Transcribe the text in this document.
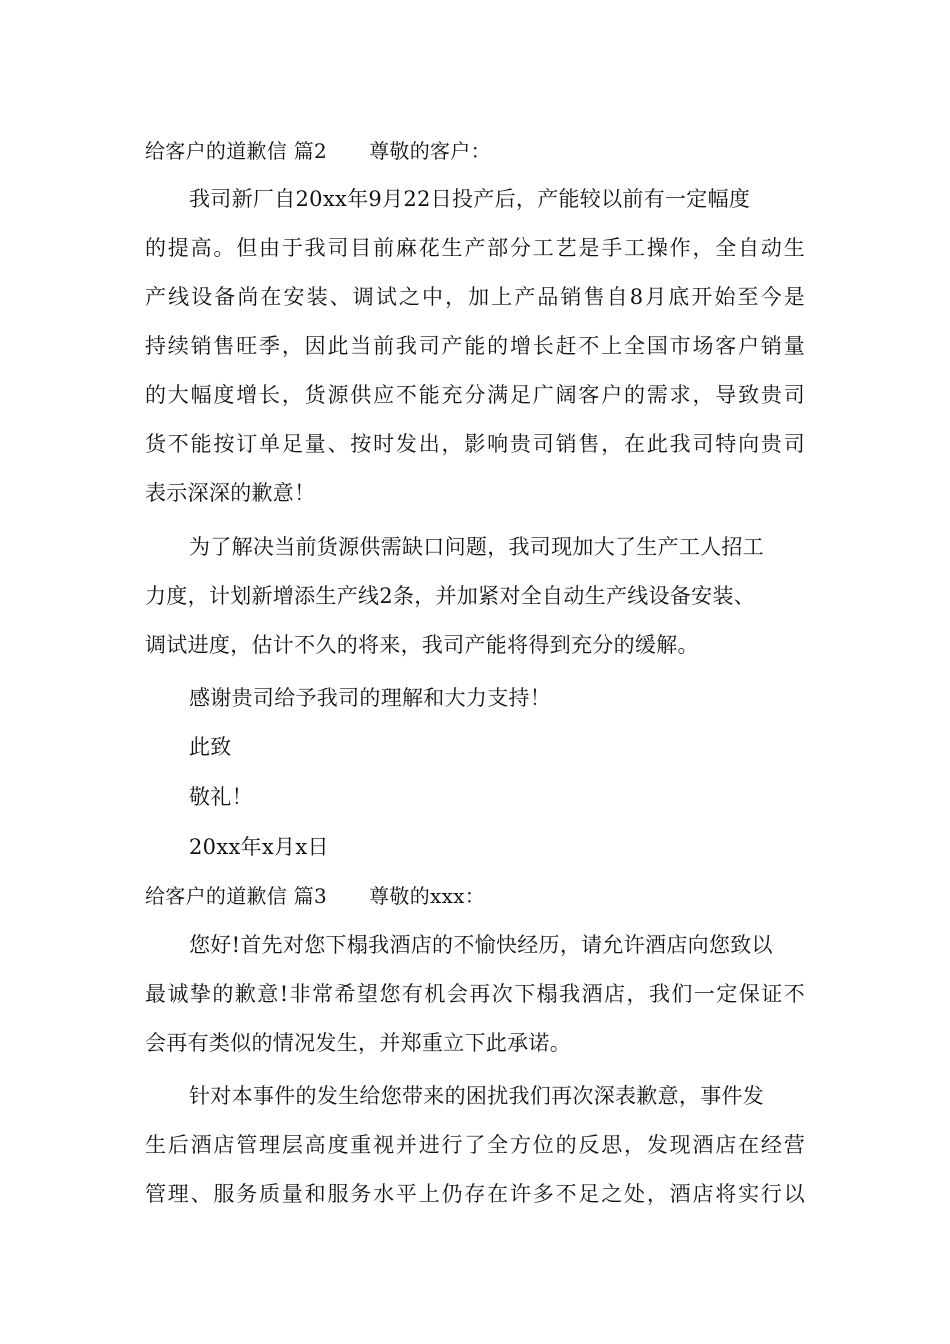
给客户的道歉信 篇2 尊敬的客户：
我司新厂自20xx年9月22日投产后，产能较以前有一定幅度
的提高。但由于我司目前麻花生产部分工艺是手工操作，全自动生
产线设备尚在安装、调试之中，加上产品销售自8月底开始至今是
持续销售旺季，因此当前我司产能的增长赶不上全国市场客户销量
的大幅度增长，货源供应不能充分满足广阔客户的需求，导致贵司
货不能按订单足量、按时发出，影响贵司销售，在此我司特向贵司
表示深深的歉意！
为了解决当前货源供需缺口问题，我司现加大了生产工人招工
力度，计划新增添生产线2条，并加紧对全自动生产线设备安装、
调试进度，估计不久的将来，我司产能将得到充分的缓解。
感谢贵司给予我司的理解和大力支持！
此致
敬礼！
20xx年x月x日
给客户的道歉信 篇3 尊敬的xxx：
您好!首先对您下榻我酒店的不愉快经历，请允许酒店向您致以
最诚挚的歉意!非常希望您有机会再次下榻我酒店，我们一定保证不
会再有类似的情况发生，并郑重立下此承诺。
针对本事件的发生给您带来的困扰我们再次深表歉意，事件发
生后酒店管理层高度重视并进行了全方位的反思，发现酒店在经营
管理、服务质量和服务水平上仍存在许多不足之处，酒店将实行以
